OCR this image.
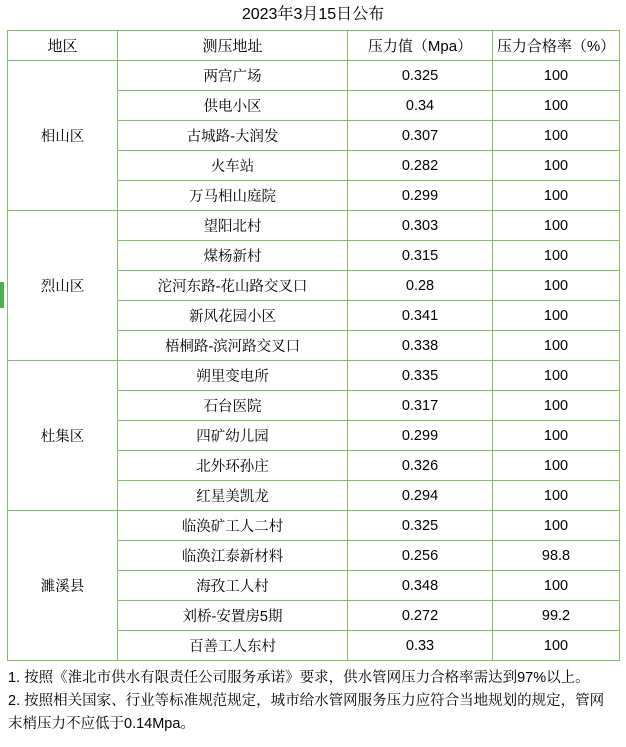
2023年3月15日公布
地区	测压地址	压力值（Mpa）	压力合格率（%）
相山区	两宫广场	0.325	100
	供电小区	0.34	100
	古城路-大润发	0.307	100
	火车站	0.282	100
	万马相山庭院	0.299	100
烈山区	望阳北村	0.303	100
	煤杨新村	0.315	100
	沱河东路-花山路交叉口	0.28	100
	新风花园小区	0.341	100
	梧桐路-滨河路交叉口	0.338	100
杜集区	朔里变电所	0.335	100
	石台医院	0.317	100
	四矿幼儿园	0.299	100
	北外环孙庄	0.326	100
	红星美凯龙	0.294	100
濉溪县	临涣矿工人二村	0.325	100
	临涣江泰新材料	0.256	98.8
	海孜工人村	0.348	100
	刘桥-安置房5期	0.272	99.2
	百善工人东村	0.33	100

1. 按照《淮北市供水有限责任公司服务承诺》要求，供水管网压力合格率需达到97%以上。

2. 按照相关国家、行业等标准规范规定，城市给水管网服务压力应符合当地规划的规定，管网末梢压力不应低于0.14Mpa。
